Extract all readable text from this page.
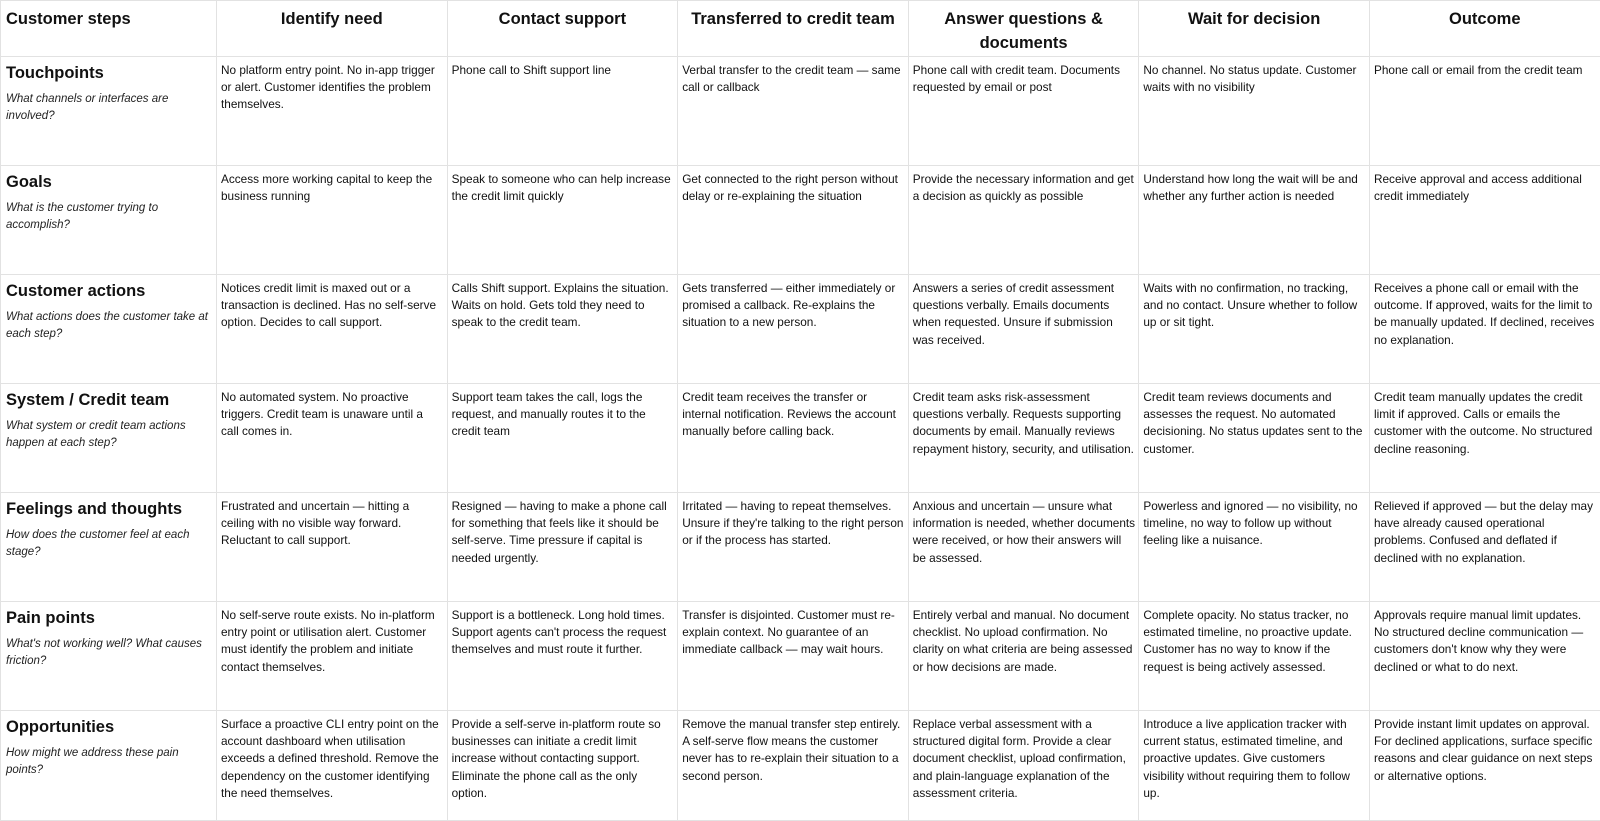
Customer steps	Identify need	Contact support	Transferred to credit team	Answer questions & documents	Wait for decision	Outcome

Touchpoints
What channels or interfaces are involved?	No platform entry point. No in-app trigger or alert. Customer identifies the problem themselves.	Phone call to Shift support line	Verbal transfer to the credit team — same call or callback	Phone call with credit team. Documents requested by email or post	No channel. No status update. Customer waits with no visibility	Phone call or email from the credit team

Goals
What is the customer trying to accomplish?	Access more working capital to keep the business running	Speak to someone who can help increase the credit limit quickly	Get connected to the right person without delay or re-explaining the situation	Provide the necessary information and get a decision as quickly as possible	Understand how long the wait will be and whether any further action is needed	Receive approval and access additional credit immediately

Customer actions
What actions does the customer take at each step?	Notices credit limit is maxed out or a transaction is declined. Has no self-serve option. Decides to call support.	Calls Shift support. Explains the situation. Waits on hold. Gets told they need to speak to the credit team.	Gets transferred — either immediately or promised a callback. Re-explains the situation to a new person.	Answers a series of credit assessment questions verbally. Emails documents when requested. Unsure if submission was received.	Waits with no confirmation, no tracking, and no contact. Unsure whether to follow up or sit tight.	Receives a phone call or email with the outcome. If approved, waits for the limit to be manually updated. If declined, receives no explanation.

System / Credit team
What system or credit team actions happen at each step?	No automated system. No proactive triggers. Credit team is unaware until a call comes in.	Support team takes the call, logs the request, and manually routes it to the credit team	Credit team receives the transfer or internal notification. Reviews the account manually before calling back.	Credit team asks risk-assessment questions verbally. Requests supporting documents by email. Manually reviews repayment history, security, and utilisation.	Credit team reviews documents and assesses the request. No automated decisioning. No status updates sent to the customer.	Credit team manually updates the credit limit if approved. Calls or emails the customer with the outcome. No structured decline reasoning.

Feelings and thoughts
How does the customer feel at each stage?	Frustrated and uncertain — hitting a ceiling with no visible way forward. Reluctant to call support.	Resigned — having to make a phone call for something that feels like it should be self-serve. Time pressure if capital is needed urgently.	Irritated — having to repeat themselves. Unsure if they're talking to the right person or if the process has started.	Anxious and uncertain — unsure what information is needed, whether documents were received, or how their answers will be assessed.	Powerless and ignored — no visibility, no timeline, no way to follow up without feeling like a nuisance.	Relieved if approved — but the delay may have already caused operational problems. Confused and deflated if declined with no explanation.

Pain points
What's not working well? What causes friction?	No self-serve route exists. No in-platform entry point or utilisation alert. Customer must identify the problem and initiate contact themselves.	Support is a bottleneck. Long hold times. Support agents can't process the request themselves and must route it further.	Transfer is disjointed. Customer must re-explain context. No guarantee of an immediate callback — may wait hours.	Entirely verbal and manual. No document checklist. No upload confirmation. No clarity on what criteria are being assessed or how decisions are made.	Complete opacity. No status tracker, no estimated timeline, no proactive update. Customer has no way to know if the request is being actively assessed.	Approvals require manual limit updates. No structured decline communication — customers don't know why they were declined or what to do next.

Opportunities
How might we address these pain points?	Surface a proactive CLI entry point on the account dashboard when utilisation exceeds a defined threshold. Remove the dependency on the customer identifying the need themselves.	Provide a self-serve in-platform route so businesses can initiate a credit limit increase without contacting support. Eliminate the phone call as the only option.	Remove the manual transfer step entirely. A self-serve flow means the customer never has to re-explain their situation to a second person.	Replace verbal assessment with a structured digital form. Provide a clear document checklist, upload confirmation, and plain-language explanation of the assessment criteria.	Introduce a live application tracker with current status, estimated timeline, and proactive updates. Give customers visibility without requiring them to follow up.	Provide instant limit updates on approval. For declined applications, surface specific reasons and clear guidance on next steps or alternative options.
